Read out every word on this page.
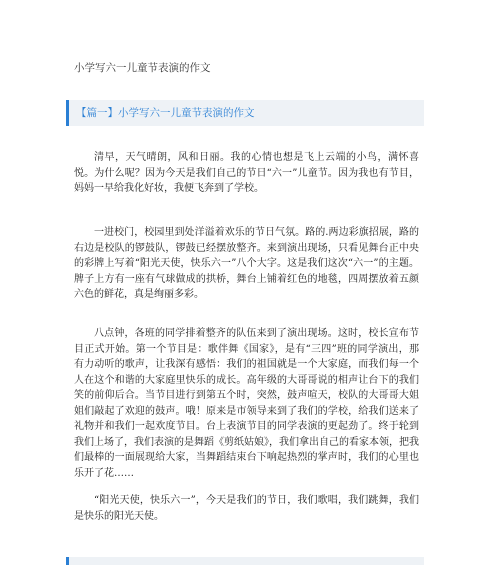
小学写六一儿童节表演的作文
【篇一】小学写六一儿童节表演的作文

清早，天气晴朗，风和日丽。我的心情也想是飞上云端的小鸟，满怀喜悦。为什么呢？因为今天是我们自己的节日“六一”儿童节。因为我也有节目，妈妈一早给我化好妆，我便飞奔到了学校。

一进校门，校园里到处洋溢着欢乐的节日气氛。路的.两边彩旗招展，路的右边是校队的锣鼓队，锣鼓已经摆放整齐。来到演出现场，只看见舞台正中央的彩牌上写着“阳光天使，快乐六一”八个大字。这是我们这次“六一”的主题。牌子上方有一座有气球做成的拱桥，舞台上铺着红色的地毯，四周摆放着五颜六色的鲜花，真是绚丽多彩。

八点钟，各班的同学排着整齐的队伍来到了演出现场。这时，校长宣布节目正式开始。第一个节目是：歌伴舞《国家》，是有“三四”班的同学演出，那有力动听的歌声，让我深有感悟：我们的祖国就是一个大家庭，而我们每一个人在这个和谐的大家庭里快乐的成长。高年级的大哥哥说的相声让台下的我们笑的前仰后合。当节目进行到第五个时，突然，鼓声喧天，校队的大哥哥大姐姐们敲起了欢迎的鼓声。哦！原来是市领导来到了我们的学校，给我们送来了礼物并和我们一起欢度节目。台上表演节目的同学表演的更起劲了。终于轮到我们上场了，我们表演的是舞蹈《剪纸姑娘》，我们拿出自己的看家本领，把我们最棒的一面展现给大家，当舞蹈结束台下响起热烈的掌声时，我们的心里也乐开了花……

“阳光天使，快乐六一”，今天是我们的节日，我们歌唱，我们跳舞，我们是快乐的阳光天使。
